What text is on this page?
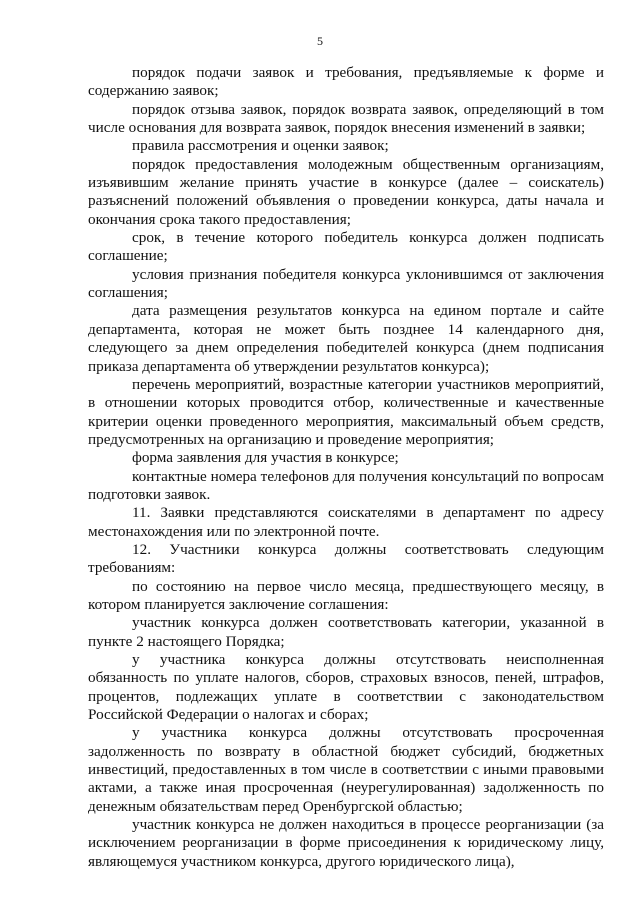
5

порядок подачи заявок и требования, предъявляемые к форме и содержанию заявок;

порядок отзыва заявок, порядок возврата заявок, определяющий в том числе основания для возврата заявок, порядок внесения изменений в заявки;

правила рассмотрения и оценки заявок;

порядок предоставления молодежным общественным организациям, изъявившим желание принять участие в конкурсе (далее – соискатель) разъяснений положений объявления о проведении конкурса, даты начала и окончания срока такого предоставления;

срок, в течение которого победитель конкурса должен подписать соглашение;

условия признания победителя конкурса уклонившимся от заключения соглашения;

дата размещения результатов конкурса на едином портале и сайте департамента, которая не может быть позднее 14 календарного дня, следующего за днем определения победителей конкурса (днем подписания приказа департамента об утверждении результатов конкурса);

перечень мероприятий, возрастные категории участников мероприятий, в отношении которых проводится отбор, количественные и качественные критерии оценки проведенного мероприятия, максимальный объем средств, предусмотренных на организацию и проведение мероприятия;

форма заявления для участия в конкурсе;

контактные номера телефонов для получения консультаций по вопросам подготовки заявок.

11. Заявки представляются соискателями в департамент по адресу местонахождения или по электронной почте.

12. Участники конкурса должны соответствовать следующим требованиям:

по состоянию на первое число месяца, предшествующего месяцу, в котором планируется заключение соглашения:

участник конкурса должен соответствовать категории, указанной в пункте 2 настоящего Порядка;

у участника конкурса должны отсутствовать неисполненная обязанность по уплате налогов, сборов, страховых взносов, пеней, штрафов, процентов, подлежащих уплате в соответствии с законодательством Российской Федерации о налогах и сборах;

у участника конкурса должны отсутствовать просроченная задолженность по возврату в областной бюджет субсидий, бюджетных инвестиций, предоставленных в том числе в соответствии с иными правовыми актами, а также иная просроченная (неурегулированная) задолженность по денежным обязательствам перед Оренбургской областью;

участник конкурса не должен находиться в процессе реорганизации (за исключением реорганизации в форме присоединения к юридическому лицу, являющемуся участником конкурса, другого юридического лица),
